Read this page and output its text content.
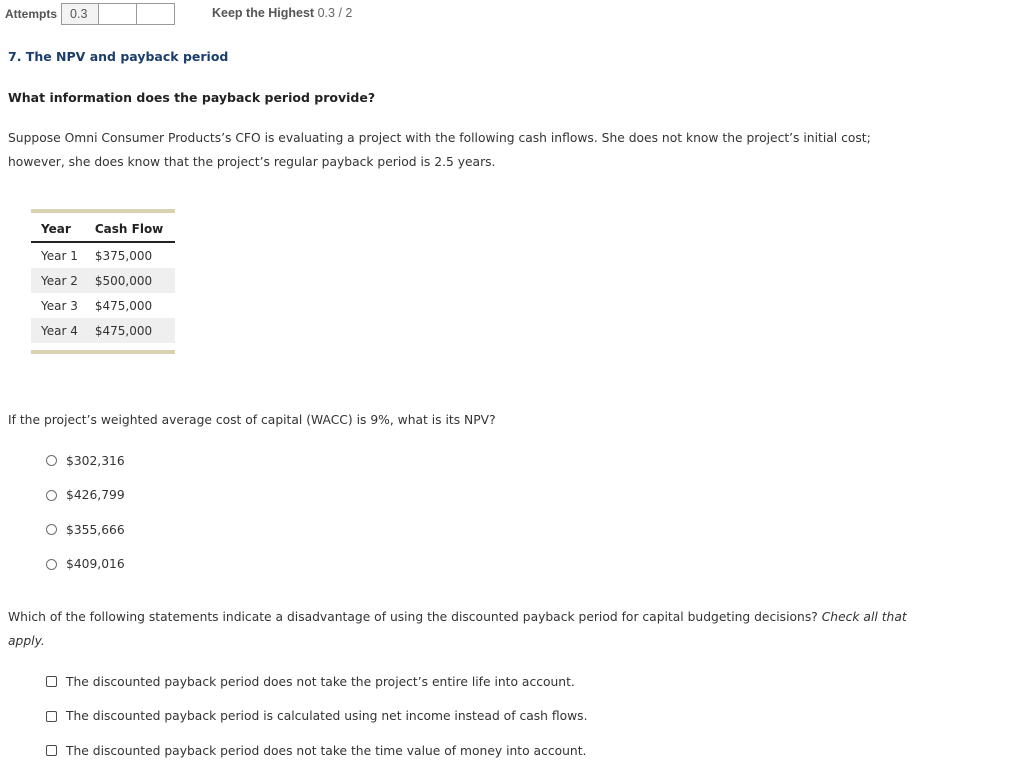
Attempts	0.3	Keep the Highest 0.3 / 2
7. The NPV and payback period
What information does the payback period provide?
Suppose Omni Consumer Products’s CFO is evaluating a project with the following cash inflows. She does not know the project’s initial cost; however, she does know that the project’s regular payback period is 2.5 years.
Year	Cash Flow
Year 1	$375,000
Year 2	$500,000
Year 3	$475,000
Year 4	$475,000

If the project’s weighted average cost of capital (WACC) is 9%, what is its NPV?
$302,316
$426,799
$355,666
$409,016
Which of the following statements indicate a disadvantage of using the discounted payback period for capital budgeting decisions? Check all that apply.
The discounted payback period does not take the project’s entire life into account.
The discounted payback period is calculated using net income instead of cash flows.
The discounted payback period does not take the time value of money into account.
